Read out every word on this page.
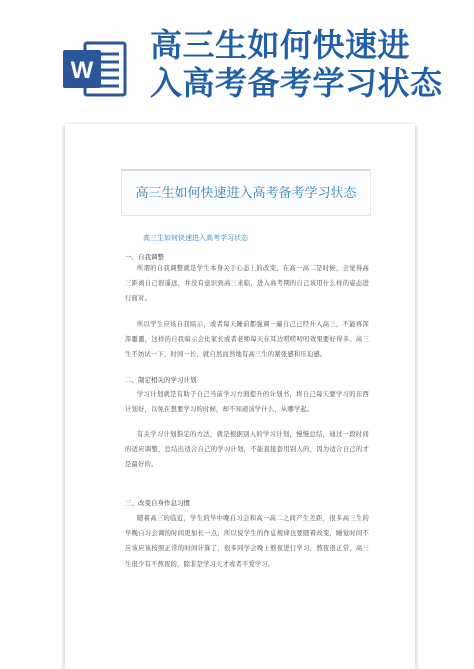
W
高三生如何快速进
入高考备考学习状态
高三生如何快速进入高考备考学习状态
高三生如何快速进入高考学习状态
一、自我调整

所谓的自我调整就是学生本身关于心态上的改变，在高一高二是时候，会觉得高三距离自己很遥远，并没有意识到高三来临，进入高考期的自己该用什么样的姿态进行面对。

所以学生应该自我暗示，或者每天睡前都强调一遍自己已经升入高三，不能再浑浑噩噩，这样的自我暗示会比家长或者老师每天在耳边唠唠叨叨效果要好得多。高三生不妨试一下，时间一长，就自然而然地有高三生的紧张感和压迫感。

二、制定相关的学习计划

学习计划就是有助于自己当前学习方面提升的计划书，将自己每天要学习的东西计划好，以免在想要学习的时候，却不知道该学什么，从哪学起。

有关学习计划指定的方法，就是根据别人的学习计划，慢慢总结，通过一段时间的适应调整，总结出适合自己的学习计划，不能直接套用别人的，因为适合自己的才是最好的。

三、改变自身作息习惯

随着高三的临近，学生的早中晚自习会和高一高二之间产生差距，很多高三生的早晚自习会调的时间更加长一点，所以说学生的作息规律也要随着改变，睡觉时间不应该应该按照正常的时间计算了，很多同学会晚上熬夜进行学习，熬夜很正常，高三生很少有不熬夜的，除非是学习天才或者不爱学习。
